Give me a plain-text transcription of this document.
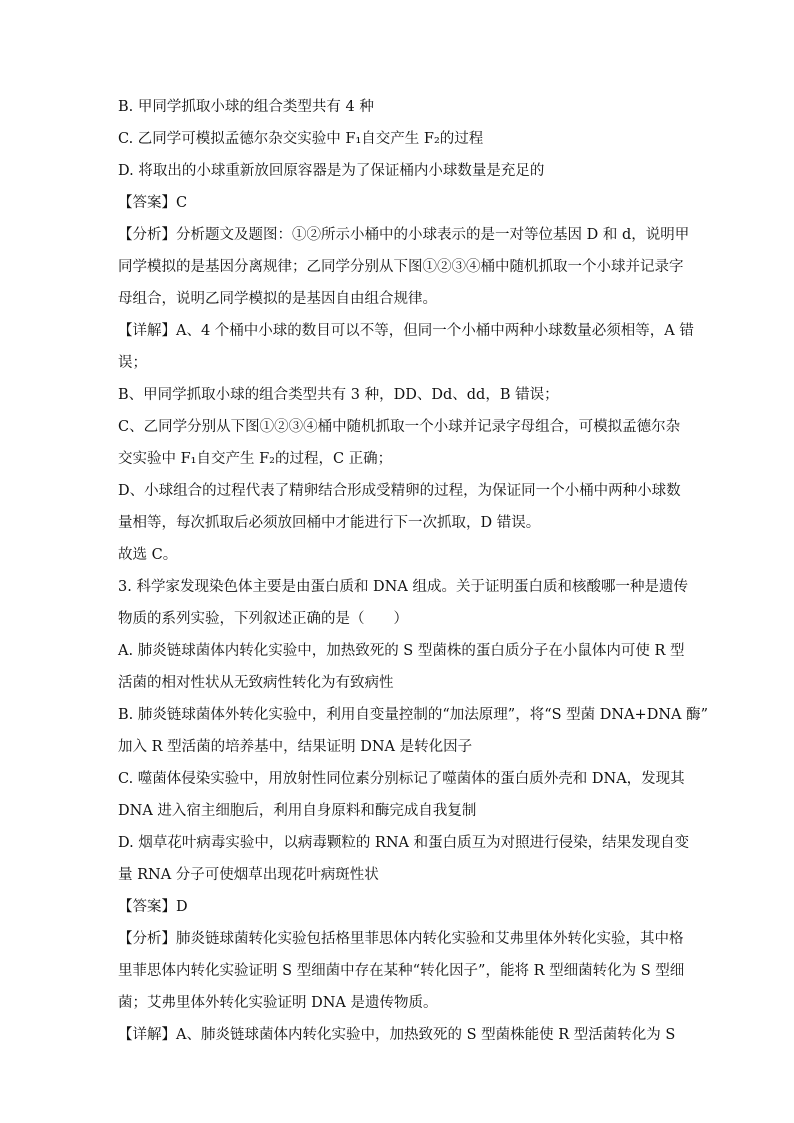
B. 甲同学抓取小球的组合类型共有 4 种

C. 乙同学可模拟孟德尔杂交实验中 F₁自交产生 F₂的过程

D. 将取出的小球重新放回原容器是为了保证桶内小球数量是充足的

【答案】C

【分析】分析题文及题图：①②所示小桶中的小球表示的是一对等位基因 D 和 d，说明甲

同学模拟的是基因分离规律；乙同学分别从下图①②③④桶中随机抓取一个小球并记录字

母组合，说明乙同学模拟的是基因自由组合规律。

【详解】A、4 个桶中小球的数目可以不等，但同一个小桶中两种小球数量必须相等，A 错

误；

B、甲同学抓取小球的组合类型共有 3 种，DD、Dd、dd，B 错误；

C、乙同学分别从下图①②③④桶中随机抓取一个小球并记录字母组合，可模拟孟德尔杂

交实验中 F₁自交产生 F₂的过程，C 正确；

D、小球组合的过程代表了精卵结合形成受精卵的过程，为保证同一个小桶中两种小球数

量相等，每次抓取后必须放回桶中才能进行下一次抓取，D 错误。

故选 C。

3. 科学家发现染色体主要是由蛋白质和 DNA 组成。关于证明蛋白质和核酸哪一种是遗传

物质的系列实验，下列叙述正确的是（　　）

A. 肺炎链球菌体内转化实验中，加热致死的 S 型菌株的蛋白质分子在小鼠体内可使 R 型

活菌的相对性状从无致病性转化为有致病性

B. 肺炎链球菌体外转化实验中，利用自变量控制的“加法原理”，将“S 型菌 DNA+DNA 酶”

加入 R 型活菌的培养基中，结果证明 DNA 是转化因子

C. 噬菌体侵染实验中，用放射性同位素分别标记了噬菌体的蛋白质外壳和 DNA，发现其

DNA 进入宿主细胞后，利用自身原料和酶完成自我复制

D. 烟草花叶病毒实验中，以病毒颗粒的 RNA 和蛋白质互为对照进行侵染，结果发现自变

量 RNA 分子可使烟草出现花叶病斑性状

【答案】D

【分析】肺炎链球菌转化实验包括格里菲思体内转化实验和艾弗里体外转化实验，其中格

里菲思体内转化实验证明 S 型细菌中存在某种“转化因子”，能将 R 型细菌转化为 S 型细

菌；艾弗里体外转化实验证明 DNA 是遗传物质。

【详解】A、肺炎链球菌体内转化实验中，加热致死的 S 型菌株能使 R 型活菌转化为 S
